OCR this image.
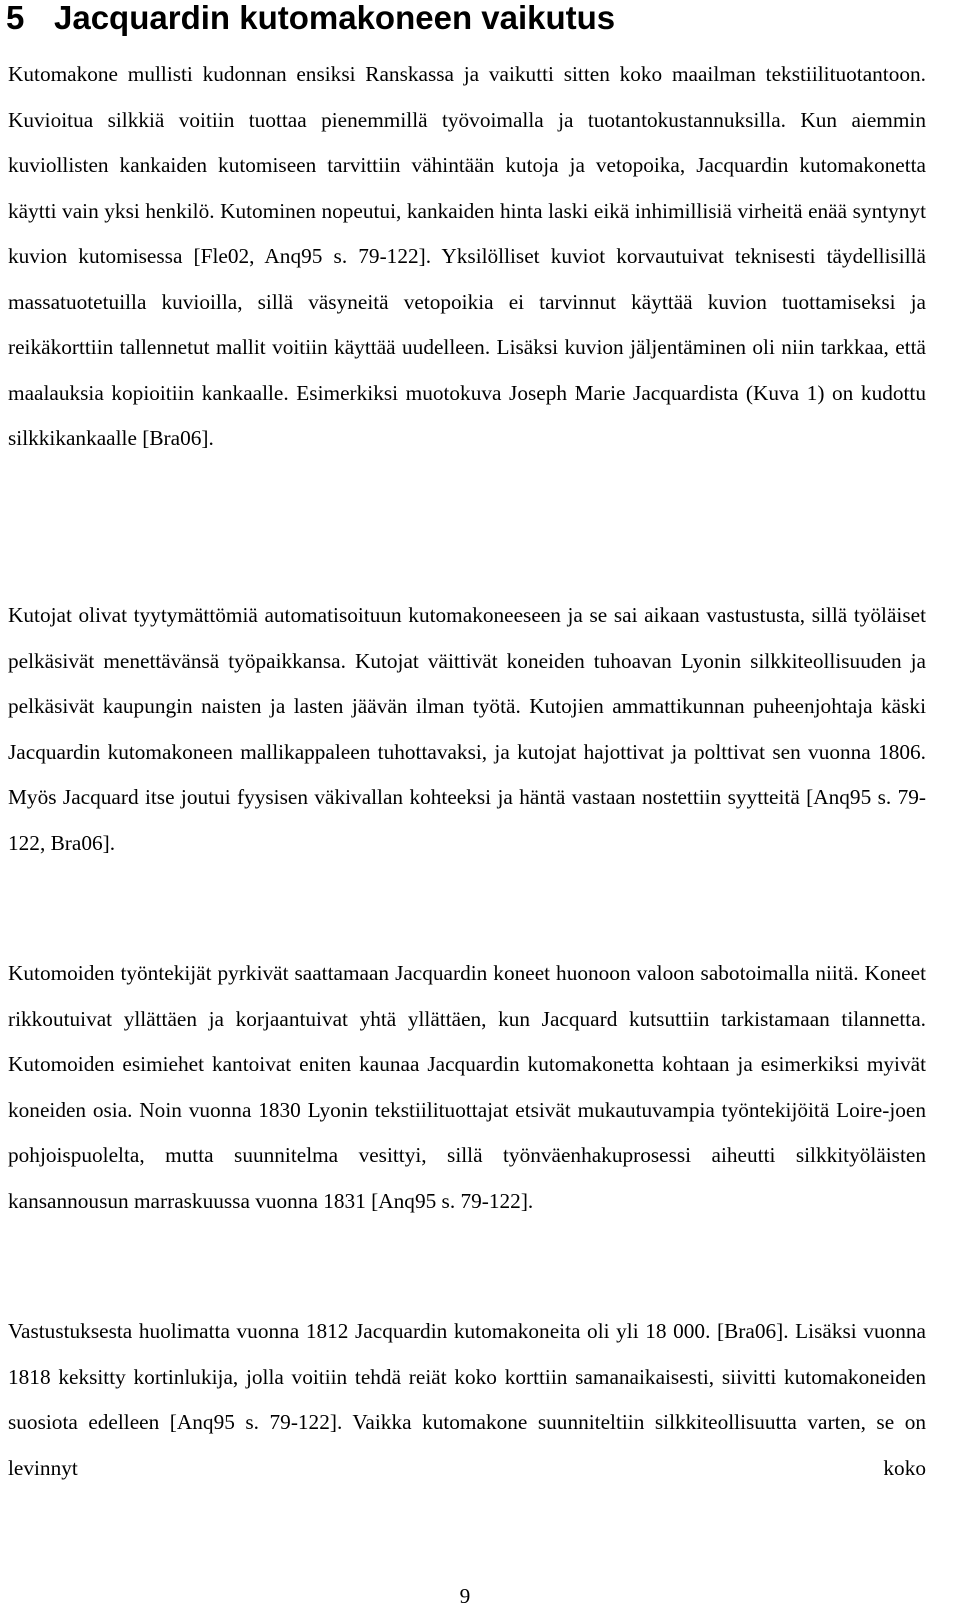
5 Jacquardin kutomakoneen vaikutus

Kutomakone mullisti kudonnan ensiksi Ranskassa ja vaikutti sitten koko maailman tekstiilituotantoon. Kuvioitua silkkiä voitiin tuottaa pienemmillä työvoimalla ja tuotantokustannuksilla. Kun aiemmin kuviollisten kankaiden kutomiseen tarvittiin vähintään kutoja ja vetopoika, Jacquardin kutomakonetta käytti vain yksi henkilö. Kutominen nopeutui, kankaiden hinta laski eikä inhimillisiä virheitä enää syntynyt kuvion kutomisessa [Fle02, Anq95 s. 79-122]. Yksilölliset kuviot korvautuivat teknisesti täydellisillä massatuotetuilla kuvioilla, sillä väsyneitä vetopoikia ei tarvinnut käyttää kuvion tuottamiseksi ja reikäkorttiin tallennetut mallit voitiin käyttää uudelleen. Lisäksi kuvion jäljentäminen oli niin tarkkaa, että maalauksia kopioitiin kankaalle. Esimerkiksi muotokuva Joseph Marie Jacquardista (Kuva 1) on kudottu silkkikankaalle [Bra06].

Kutojat olivat tyytymättömiä automatisoituun kutomakoneeseen ja se sai aikaan vastustusta, sillä työläiset pelkäsivät menettävänsä työpaikkansa. Kutojat väittivät koneiden tuhoavan Lyonin silkkiteollisuuden ja pelkäsivät kaupungin naisten ja lasten jäävän ilman työtä. Kutojien ammattikunnan puheenjohtaja käski Jacquardin kutomakoneen mallikappaleen tuhottavaksi, ja kutojat hajottivat ja polttivat sen vuonna 1806. Myös Jacquard itse joutui fyysisen väkivallan kohteeksi ja häntä vastaan nostettiin syytteitä [Anq95 s. 79-122, Bra06].

Kutomoiden työntekijät pyrkivät saattamaan Jacquardin koneet huonoon valoon sabotoimalla niitä. Koneet rikkoutuivat yllättäen ja korjaantuivat yhtä yllättäen, kun Jacquard kutsuttiin tarkistamaan tilannetta. Kutomoiden esimiehet kantoivat eniten kaunaa Jacquardin kutomakonetta kohtaan ja esimerkiksi myivät koneiden osia. Noin vuonna 1830 Lyonin tekstiilituottajat etsivät mukautuvampia työntekijöitä Loire-joen pohjoispuolelta, mutta suunnitelma vesittyi, sillä työnväenhakuprosessi aiheutti silkkityöläisten kansannousun marraskuussa vuonna 1831 [Anq95 s. 79-122].

Vastustuksesta huolimatta vuonna 1812 Jacquardin kutomakoneita oli yli 18 000. [Bra06]. Lisäksi vuonna 1818 keksitty kortinlukija, jolla voitiin tehdä reiät koko korttiin samanaikaisesti, siivitti kutomakoneiden suosiota edelleen [Anq95 s. 79-122]. Vaikka kutomakone suunniteltiin silkkiteollisuutta varten, se on levinnyt koko

9
